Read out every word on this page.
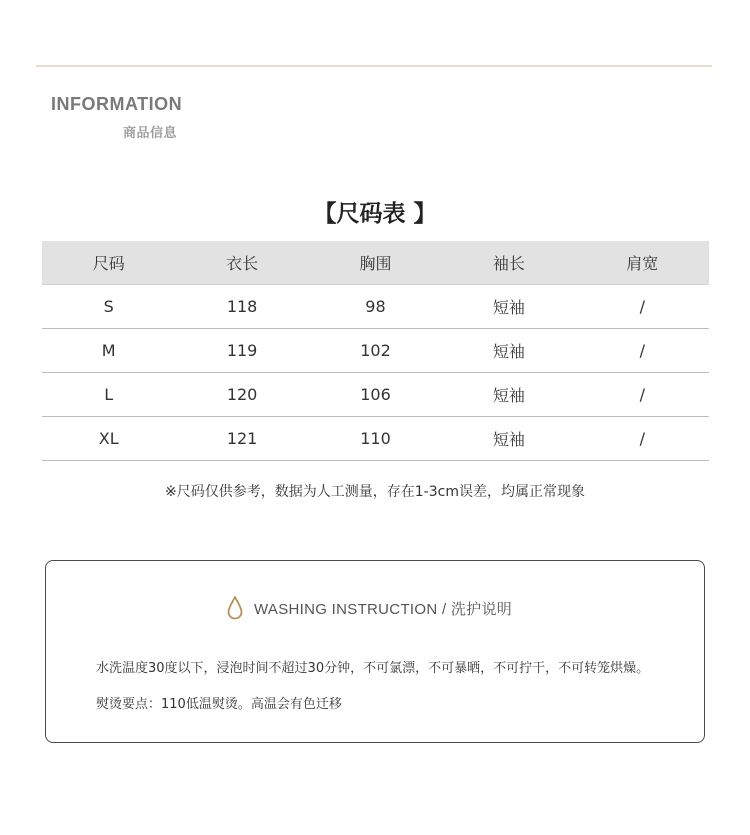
INFORMATION
商品信息
【尺码表 】
尺码	衣长	胸围	袖长	肩宽
S	118	98	短袖	/
M	119	102	短袖	/
L	120	106	短袖	/
XL	121	110	短袖	/
※尺码仅供参考，数据为人工测量，存在1-3cm误差，均属正常现象
WASHING INSTRUCTION / 洗护说明
水洗温度30度以下，浸泡时间不超过30分钟，不可氯漂，不可暴晒，不可拧干，不可转笼烘燥。
熨烫要点：110低温熨烫。高温会有色迁移
